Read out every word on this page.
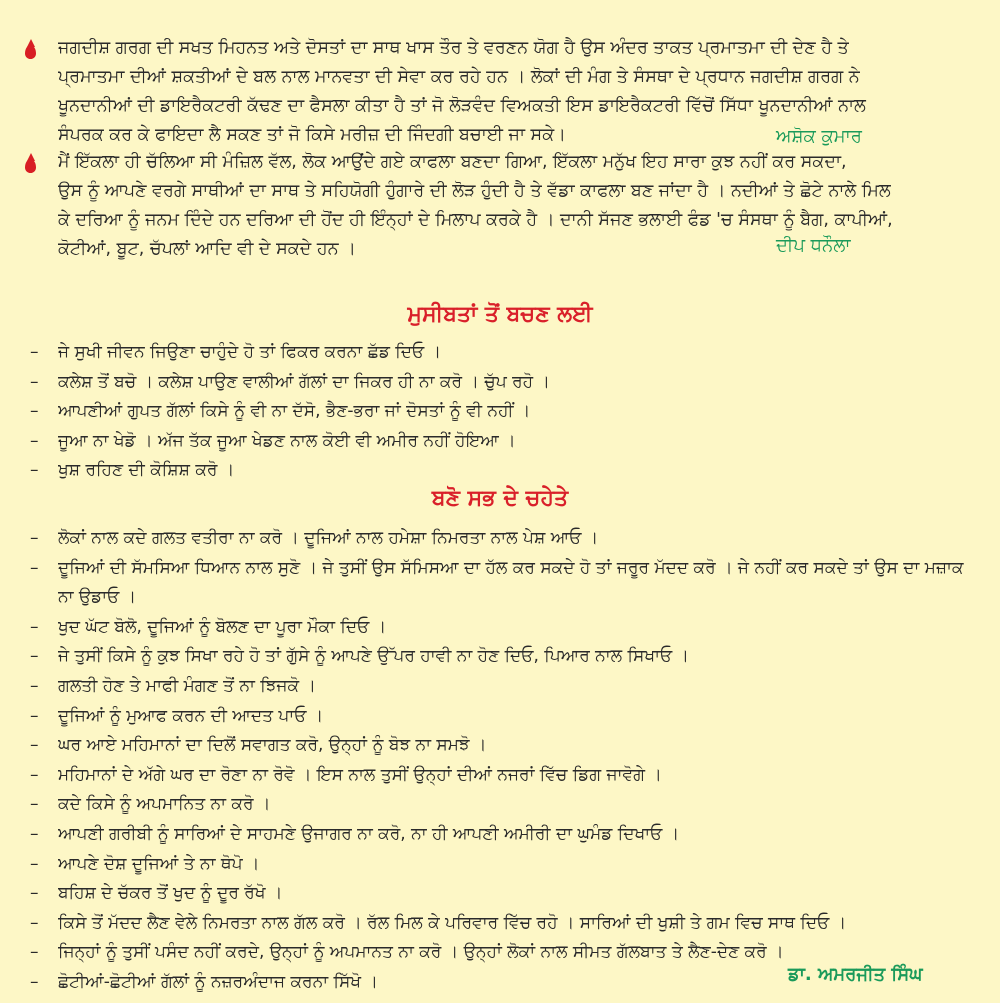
ਜਗਦੀਸ਼ ਗਰਗ ਦੀ ਸਖਤ ਮਿਹਨਤ ਅਤੇ ਦੋਸਤਾਂ ਦਾ ਸਾਥ ਖਾਸ ਤੌਰ ਤੇ ਵਰਣਨ ਯੋਗ ਹੈ ਉਸ ਅੰਦਰ ਤਾਕਤ ਪ੍ਰਮਾਤਮਾ ਦੀ ਦੇਣ ਹੈ ਤੇ
ਪ੍ਰਮਾਤਮਾ ਦੀਆਂ ਸ਼ਕਤੀਆਂ ਦੇ ਬਲ ਨਾਲ ਮਾਨਵਤਾ ਦੀ ਸੇਵਾ ਕਰ ਰਹੇ ਹਨ । ਲੋਕਾਂ ਦੀ ਮੰਗ ਤੇ ਸੰਸਥਾ ਦੇ ਪ੍ਰਧਾਨ ਜਗਦੀਸ਼ ਗਰਗ ਨੇ
ਖੂਨਦਾਨੀਆਂ ਦੀ ਡਾਇਰੈਕਟਰੀ ਕੱਢਣ ਦਾ ਫੈਸਲਾ ਕੀਤਾ ਹੈ ਤਾਂ ਜੋ ਲੋੜਵੰਦ ਵਿਅਕਤੀ ਇਸ ਡਾਇਰੈਕਟਰੀ ਵਿੱਚੋਂ ਸਿੱਧਾ ਖੂਨਦਾਨੀਆਂ ਨਾਲ
ਸੰਪਰਕ ਕਰ ਕੇ ਫਾਇਦਾ ਲੈ ਸਕਣ ਤਾਂ ਜੋ ਕਿਸੇ ਮਰੀਜ਼ ਦੀ ਜਿੰਦਗੀ ਬਚਾਈ ਜਾ ਸਕੇ।	ਅਸ਼ੋਕ ਕੁਮਾਰ
ਮੈਂ ਇੱਕਲਾ ਹੀ ਚੱਲਿਆ ਸੀ ਮੰਜ਼ਿਲ ਵੱਲ, ਲੋਕ ਆਉਂਦੇ ਗਏ ਕਾਫਲਾ ਬਣਦਾ ਗਿਆ, ਇੱਕਲਾ ਮਨੁੱਖ ਇਹ ਸਾਰਾ ਕੁਝ ਨਹੀਂ ਕਰ ਸਕਦਾ,
ਉਸ ਨੂੰ ਆਪਣੇ ਵਰਗੇ ਸਾਥੀਆਂ ਦਾ ਸਾਥ ਤੇ ਸਹਿਯੋਗੀ ਹੁੰਗਾਰੇ ਦੀ ਲੋੜ ਹੁੰਦੀ ਹੈ ਤੇ ਵੱਡਾ ਕਾਫਲਾ ਬਣ ਜਾਂਦਾ ਹੈ । ਨਦੀਆਂ ਤੇ ਛੋਟੇ ਨਾਲੇ ਮਿਲ
ਕੇ ਦਰਿਆ ਨੂੰ ਜਨਮ ਦਿੰਦੇ ਹਨ ਦਰਿਆ ਦੀ ਹੋਂਦ ਹੀ ਇੰਨ੍ਹਾਂ ਦੇ ਮਿਲਾਪ ਕਰਕੇ ਹੈ । ਦਾਨੀ ਸੱਜਣ ਭਲਾਈ ਫੰਡ 'ਚ ਸੰਸਥਾ ਨੂੰ ਬੈਗ, ਕਾਪੀਆਂ,
ਕੋਟੀਆਂ, ਬੂਟ, ਚੱਪਲਾਂ ਆਦਿ ਵੀ ਦੇ ਸਕਦੇ ਹਨ ।	ਦੀਪ ਧਨੌਲਾ
ਮੁਸੀਬਤਾਂ ਤੋਂ ਬਚਣ ਲਈ
– ਜੇ ਸੁਖੀ ਜੀਵਨ ਜਿਉਣਾ ਚਾਹੁੰਦੇ ਹੋ ਤਾਂ ਫਿਕਰ ਕਰਨਾ ਛੱਡ ਦਿਓ ।
– ਕਲੇਸ਼ ਤੋਂ ਬਚੋ । ਕਲੇਸ਼ ਪਾਉਣ ਵਾਲੀਆਂ ਗੱਲਾਂ ਦਾ ਜਿਕਰ ਹੀ ਨਾ ਕਰੋ । ਚੁੱਪ ਰਹੋ ।
– ਆਪਣੀਆਂ ਗੁਪਤ ਗੱਲਾਂ ਕਿਸੇ ਨੂੰ ਵੀ ਨਾ ਦੱਸੋ, ਭੈਣ-ਭਰਾ ਜਾਂ ਦੋਸਤਾਂ ਨੂੰ ਵੀ ਨਹੀਂ ।
– ਜੂਆ ਨਾ ਖੇਡੋ । ਅੱਜ ਤੱਕ ਜੂਆ ਖੇਡਣ ਨਾਲ ਕੋਈ ਵੀ ਅਮੀਰ ਨਹੀਂ ਹੋਇਆ ।
– ਖੁਸ਼ ਰਹਿਣ ਦੀ ਕੋਸ਼ਿਸ਼ ਕਰੋ ।
ਬਣੋ ਸਭ ਦੇ ਚਹੇਤੇ
– ਲੋਕਾਂ ਨਾਲ ਕਦੇ ਗਲਤ ਵਤੀਰਾ ਨਾ ਕਰੋ । ਦੂਜਿਆਂ ਨਾਲ ਹਮੇਸ਼ਾ ਨਿਮਰਤਾ ਨਾਲ ਪੇਸ਼ ਆਓ ।
– ਦੂਜਿਆਂ ਦੀ ਸੱਮਸਿਆ ਧਿਆਨ ਨਾਲ ਸੁਣੋ । ਜੇ ਤੁਸੀਂ ਉਸ ਸੱਮਿਸਆ ਦਾ ਹੱਲ ਕਰ ਸਕਦੇ ਹੋ ਤਾਂ ਜਰੂਰ ਮੱਦਦ ਕਰੋ । ਜੇ ਨਹੀਂ ਕਰ ਸਕਦੇ ਤਾਂ ਉਸ ਦਾ ਮਜ਼ਾਕ ਨਾ ਉਡਾਓ ।
– ਖੁਦ ਘੱਟ ਬੋਲੋ, ਦੂਜਿਆਂ ਨੂੰ ਬੋਲਣ ਦਾ ਪੂਰਾ ਮੌਕਾ ਦਿਓ ।
– ਜੇ ਤੁਸੀਂ ਕਿਸੇ ਨੂੰ ਕੁਝ ਸਿਖਾ ਰਹੇ ਹੋ ਤਾਂ ਗੁੱਸੇ ਨੂੰ ਆਪਣੇ ਉੱਪਰ ਹਾਵੀ ਨਾ ਹੋਣ ਦਿਓ, ਪਿਆਰ ਨਾਲ ਸਿਖਾਓ ।
– ਗਲਤੀ ਹੋਣ ਤੇ ਮਾਫੀ ਮੰਗਣ ਤੋਂ ਨਾ ਝਿਜਕੋ ।
– ਦੂਜਿਆਂ ਨੂੰ ਮੁਆਫ ਕਰਨ ਦੀ ਆਦਤ ਪਾਓ ।
– ਘਰ ਆਏ ਮਹਿਮਾਨਾਂ ਦਾ ਦਿਲੋਂ ਸਵਾਗਤ ਕਰੋ, ਉਨ੍ਹਾਂ ਨੂੰ ਬੋਝ ਨਾ ਸਮਝੋ ।
– ਮਹਿਮਾਨਾਂ ਦੇ ਅੱਗੇ ਘਰ ਦਾ ਰੋਣਾ ਨਾ ਰੋਵੋ । ਇਸ ਨਾਲ ਤੁਸੀਂ ਉਨ੍ਹਾਂ ਦੀਆਂ ਨਜਰਾਂ ਵਿੱਚ ਡਿਗ ਜਾਵੋਗੇ ।
– ਕਦੇ ਕਿਸੇ ਨੂੰ ਅਪਮਾਨਿਤ ਨਾ ਕਰੋ ।
– ਆਪਣੀ ਗਰੀਬੀ ਨੂੰ ਸਾਰਿਆਂ ਦੇ ਸਾਹਮਣੇ ਉਜਾਗਰ ਨਾ ਕਰੋ, ਨਾ ਹੀ ਆਪਣੀ ਅਮੀਰੀ ਦਾ ਘੁਮੰਡ ਦਿਖਾਓ ।
– ਆਪਣੇ ਦੋਸ਼ ਦੂਜਿਆਂ ਤੇ ਨਾ ਥੋਪੋ ।
– ਬਹਿਸ਼ ਦੇ ਚੱਕਰ ਤੋਂ ਖੁਦ ਨੂੰ ਦੂਰ ਰੱਖੋ ।
– ਕਿਸੇ ਤੋਂ ਮੱਦਦ ਲੈਣ ਵੇਲੇ ਨਿਮਰਤਾ ਨਾਲ ਗੱਲ ਕਰੋ । ਰੱਲ ਮਿਲ ਕੇ ਪਰਿਵਾਰ ਵਿੱਚ ਰਹੋ । ਸਾਰਿਆਂ ਦੀ ਖੁਸ਼ੀ ਤੇ ਗਮ ਵਿਚ ਸਾਥ ਦਿਓ ।
– ਜਿਨ੍ਹਾਂ ਨੂੰ ਤੁਸੀਂ ਪਸੰਦ ਨਹੀਂ ਕਰਦੇ, ਉਨ੍ਹਾਂ ਨੂੰ ਅਪਮਾਨਤ ਨਾ ਕਰੋ । ਉਨ੍ਹਾਂ ਲੋਕਾਂ ਨਾਲ ਸੀਮਤ ਗੱਲਬਾਤ ਤੇ ਲੈਣ-ਦੇਣ ਕਰੋ ।
– ਛੋਟੀਆਂ-ਛੋਟੀਆਂ ਗੱਲਾਂ ਨੂੰ ਨਜ਼ਰਅੰਦਾਜ ਕਰਨਾ ਸਿੱਖੋ ।	ਡਾ. ਅਮਰਜੀਤ ਸਿੰਘ
